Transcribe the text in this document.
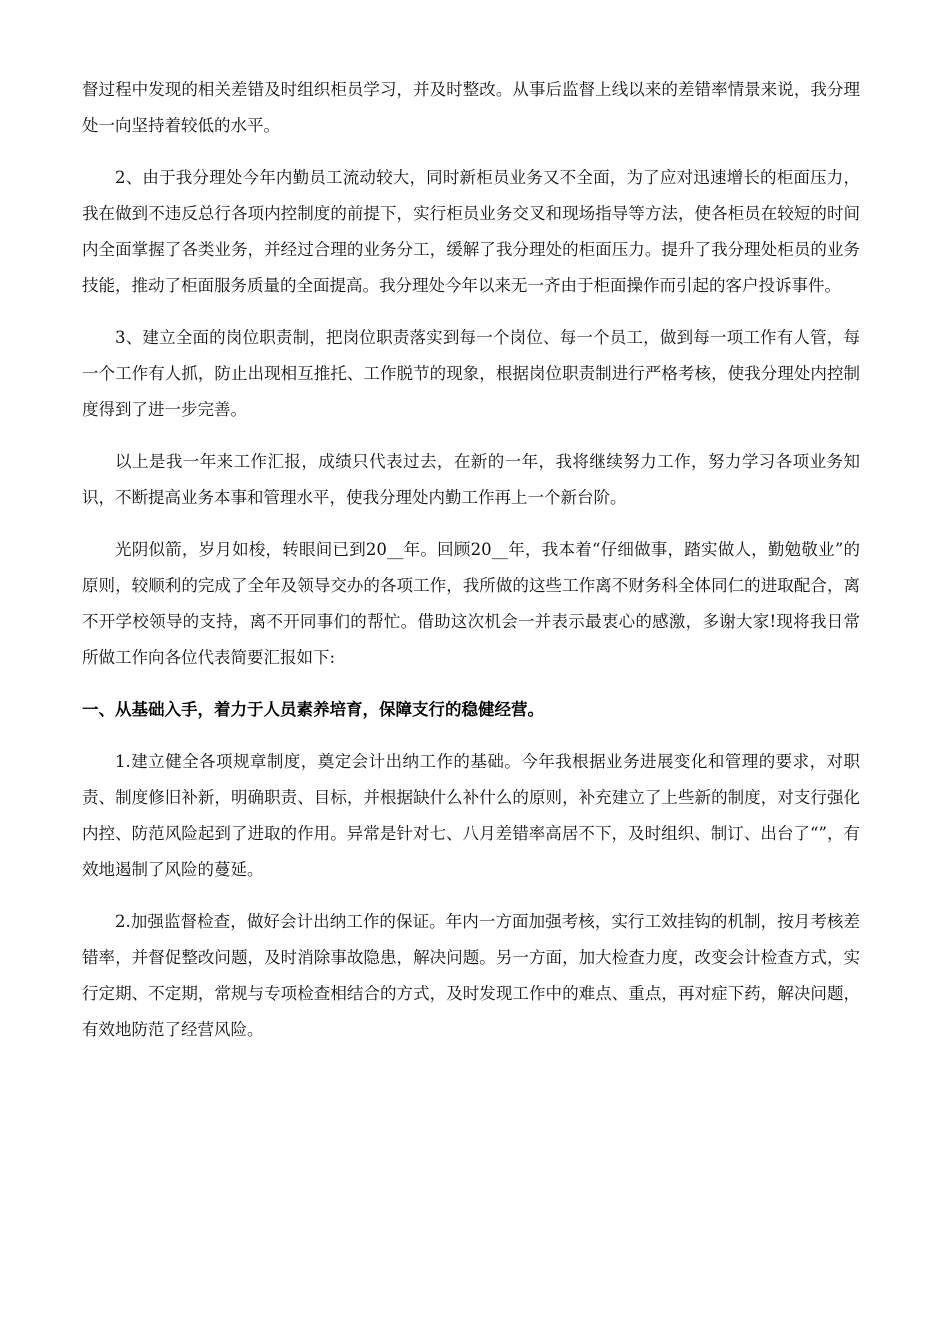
督过程中发现的相关差错及时组织柜员学习，并及时整改。从事后监督上线以来的差错率情景来说，我分理处一向坚持着较低的水平。

2、由于我分理处今年内勤员工流动较大，同时新柜员业务又不全面，为了应对迅速增长的柜面压力，我在做到不违反总行各项内控制度的前提下，实行柜员业务交叉和现场指导等方法，使各柜员在较短的时间内全面掌握了各类业务，并经过合理的业务分工，缓解了我分理处的柜面压力。提升了我分理处柜员的业务技能，推动了柜面服务质量的全面提高。我分理处今年以来无一齐由于柜面操作而引起的客户投诉事件。

3、建立全面的岗位职责制，把岗位职责落实到每一个岗位、每一个员工，做到每一项工作有人管，每一个工作有人抓，防止出现相互推托、工作脱节的现象，根据岗位职责制进行严格考核，使我分理处内控制度得到了进一步完善。

以上是我一年来工作汇报，成绩只代表过去，在新的一年，我将继续努力工作，努力学习各项业务知识，不断提高业务本事和管理水平，使我分理处内勤工作再上一个新台阶。

光阴似箭，岁月如梭，转眼间已到20__年。回顾20__年，我本着“仔细做事，踏实做人，勤勉敬业”的原则，较顺利的完成了全年及领导交办的各项工作，我所做的这些工作离不财务科全体同仁的进取配合，离不开学校领导的支持，离不开同事们的帮忙。借助这次机会一并表示最衷心的感激，多谢大家!现将我日常所做工作向各位代表简要汇报如下:

一、从基础入手，着力于人员素养培育，保障支行的稳健经营。

1.建立健全各项规章制度，奠定会计出纳工作的基础。今年我根据业务进展变化和管理的要求，对职责、制度修旧补新，明确职责、目标，并根据缺什么补什么的原则，补充建立了上些新的制度，对支行强化内控、防范风险起到了进取的作用。异常是针对七、八月差错率高居不下，及时组织、制订、出台了“”，有效地遏制了风险的蔓延。

2.加强监督检查，做好会计出纳工作的保证。年内一方面加强考核，实行工效挂钩的机制，按月考核差错率，并督促整改问题，及时消除事故隐患，解决问题。另一方面，加大检查力度，改变会计检查方式，实行定期、不定期，常规与专项检查相结合的方式，及时发现工作中的难点、重点，再对症下药，解决问题，有效地防范了经营风险。
